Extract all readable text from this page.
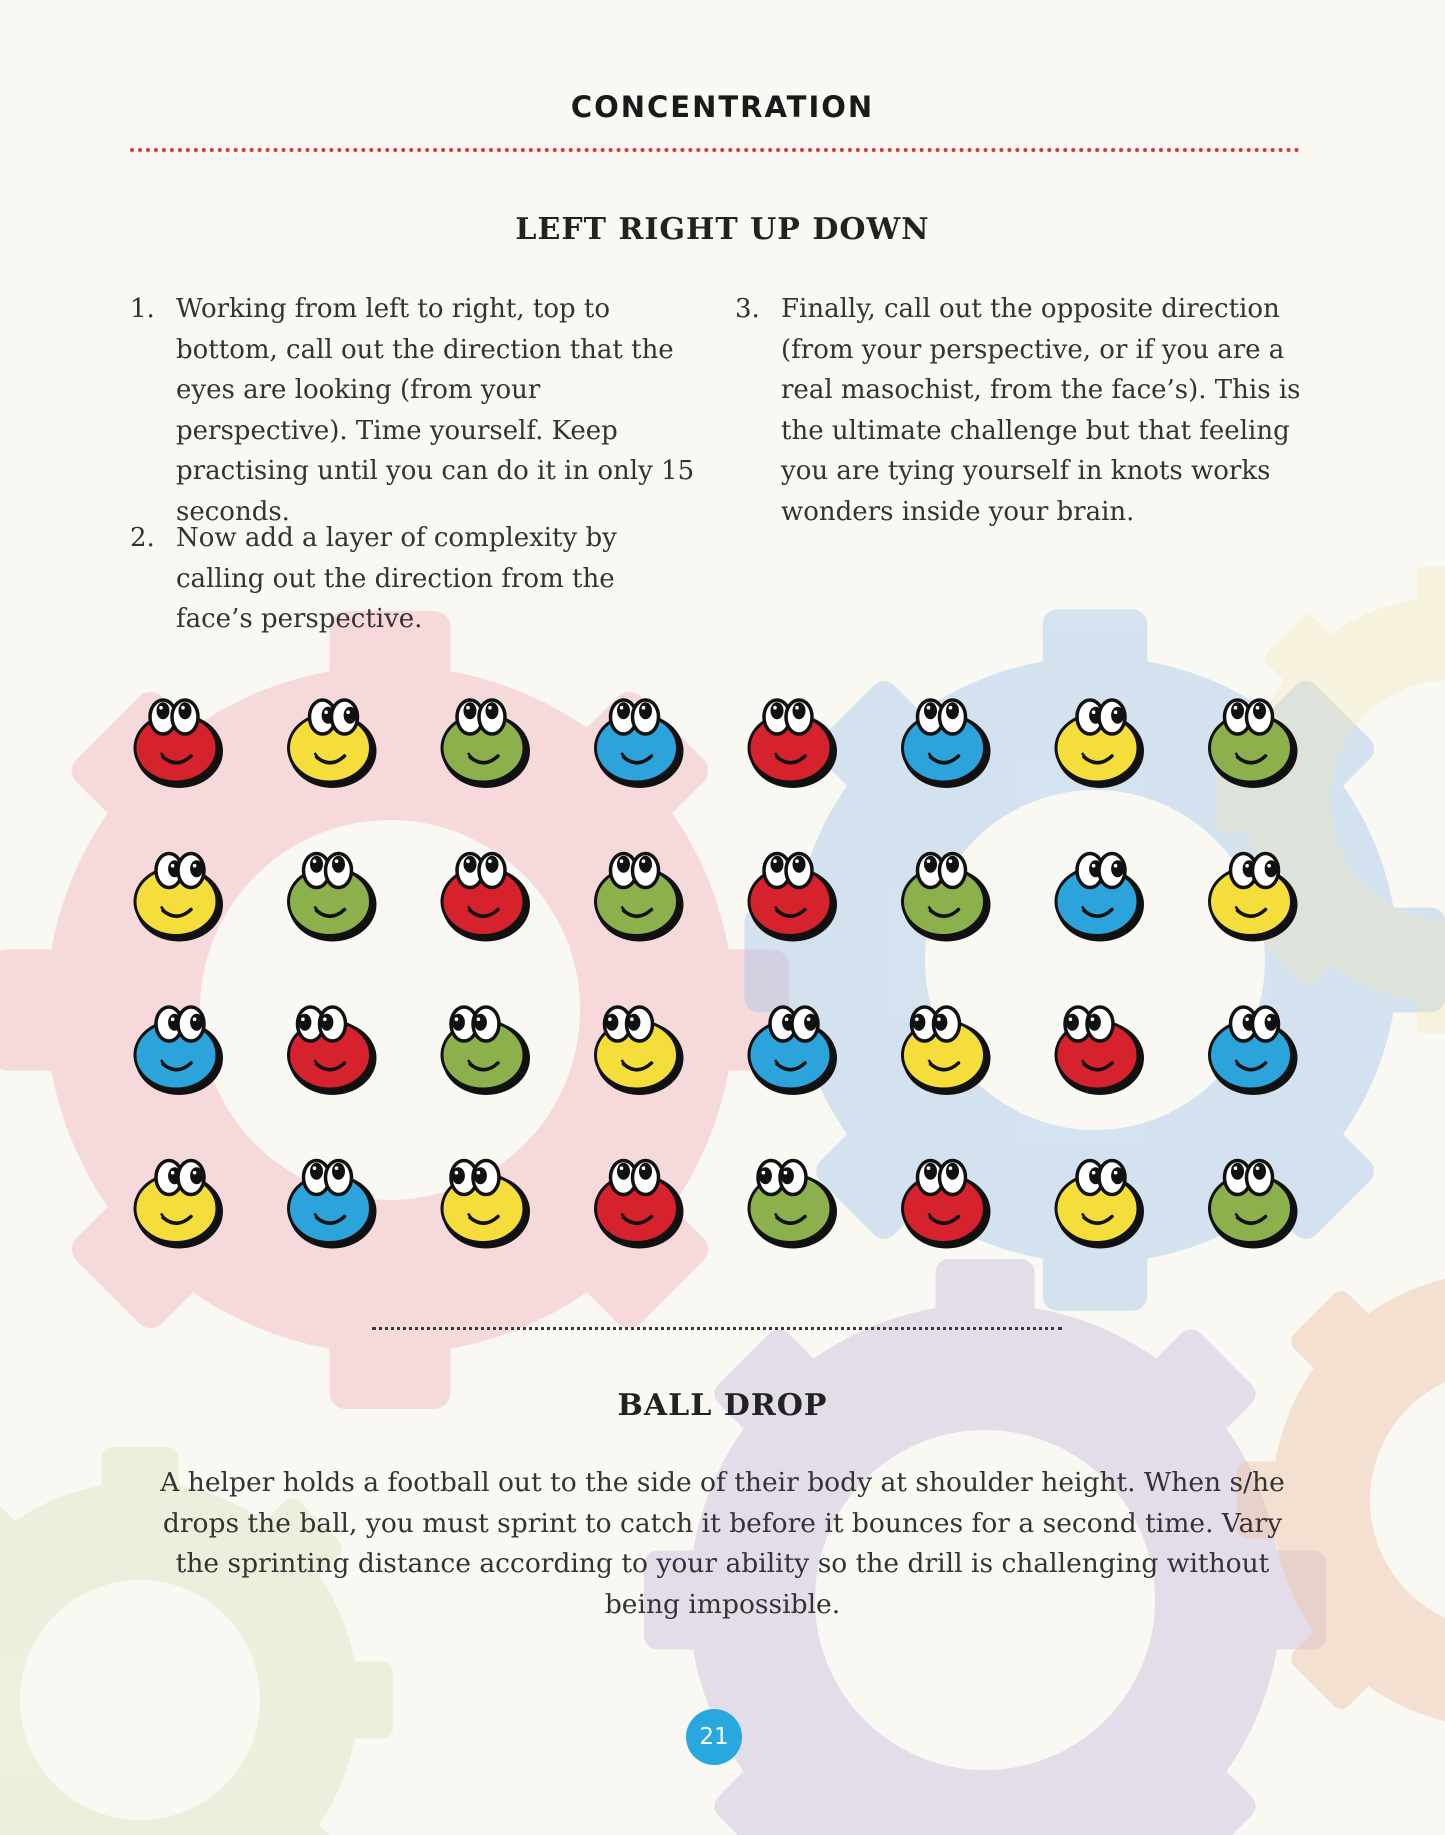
CONCENTRATION
LEFT RIGHT UP DOWN
1. Working from left to right, top to bottom, call out the direction that the eyes are looking (from your perspective). Time yourself. Keep practising until you can do it in only 15 seconds.
2. Now add a layer of complexity by calling out the direction from the face’s perspective.
3. Finally, call out the opposite direction (from your perspective, or if you are a real masochist, from the face’s). This is the ultimate challenge but that feeling you are tying yourself in knots works wonders inside your brain.
BALL DROP
A helper holds a football out to the side of their body at shoulder height. When s/he drops the ball, you must sprint to catch it before it bounces for a second time. Vary the sprinting distance according to your ability so the drill is challenging without being impossible.
21
